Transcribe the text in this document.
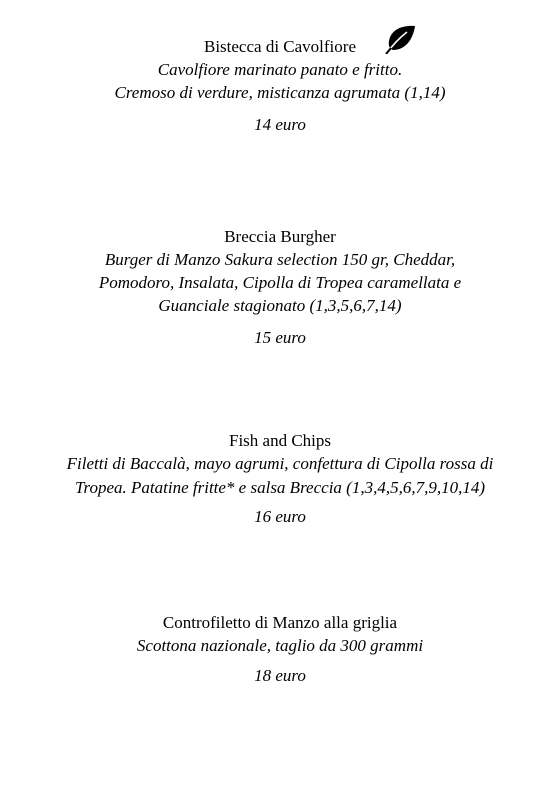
Bistecca di Cavolfiore

Cavolfiore marinato panato e fritto.

Cremoso di verdure, misticanza agrumata (1,14)

14 euro

Breccia Burgher

Burger di Manzo Sakura selection 150 gr, Cheddar,

Pomodoro, Insalata, Cipolla di Tropea caramellata e

Guanciale stagionato (1,3,5,6,7,14)

15 euro

Fish and Chips

Filetti di Baccalà, mayo agrumi, confettura di Cipolla rossa di

Tropea. Patatine fritte* e salsa Breccia (1,3,4,5,6,7,9,10,14)

16 euro

Controfiletto di Manzo alla griglia

Scottona nazionale, taglio da 300 grammi

18 euro
